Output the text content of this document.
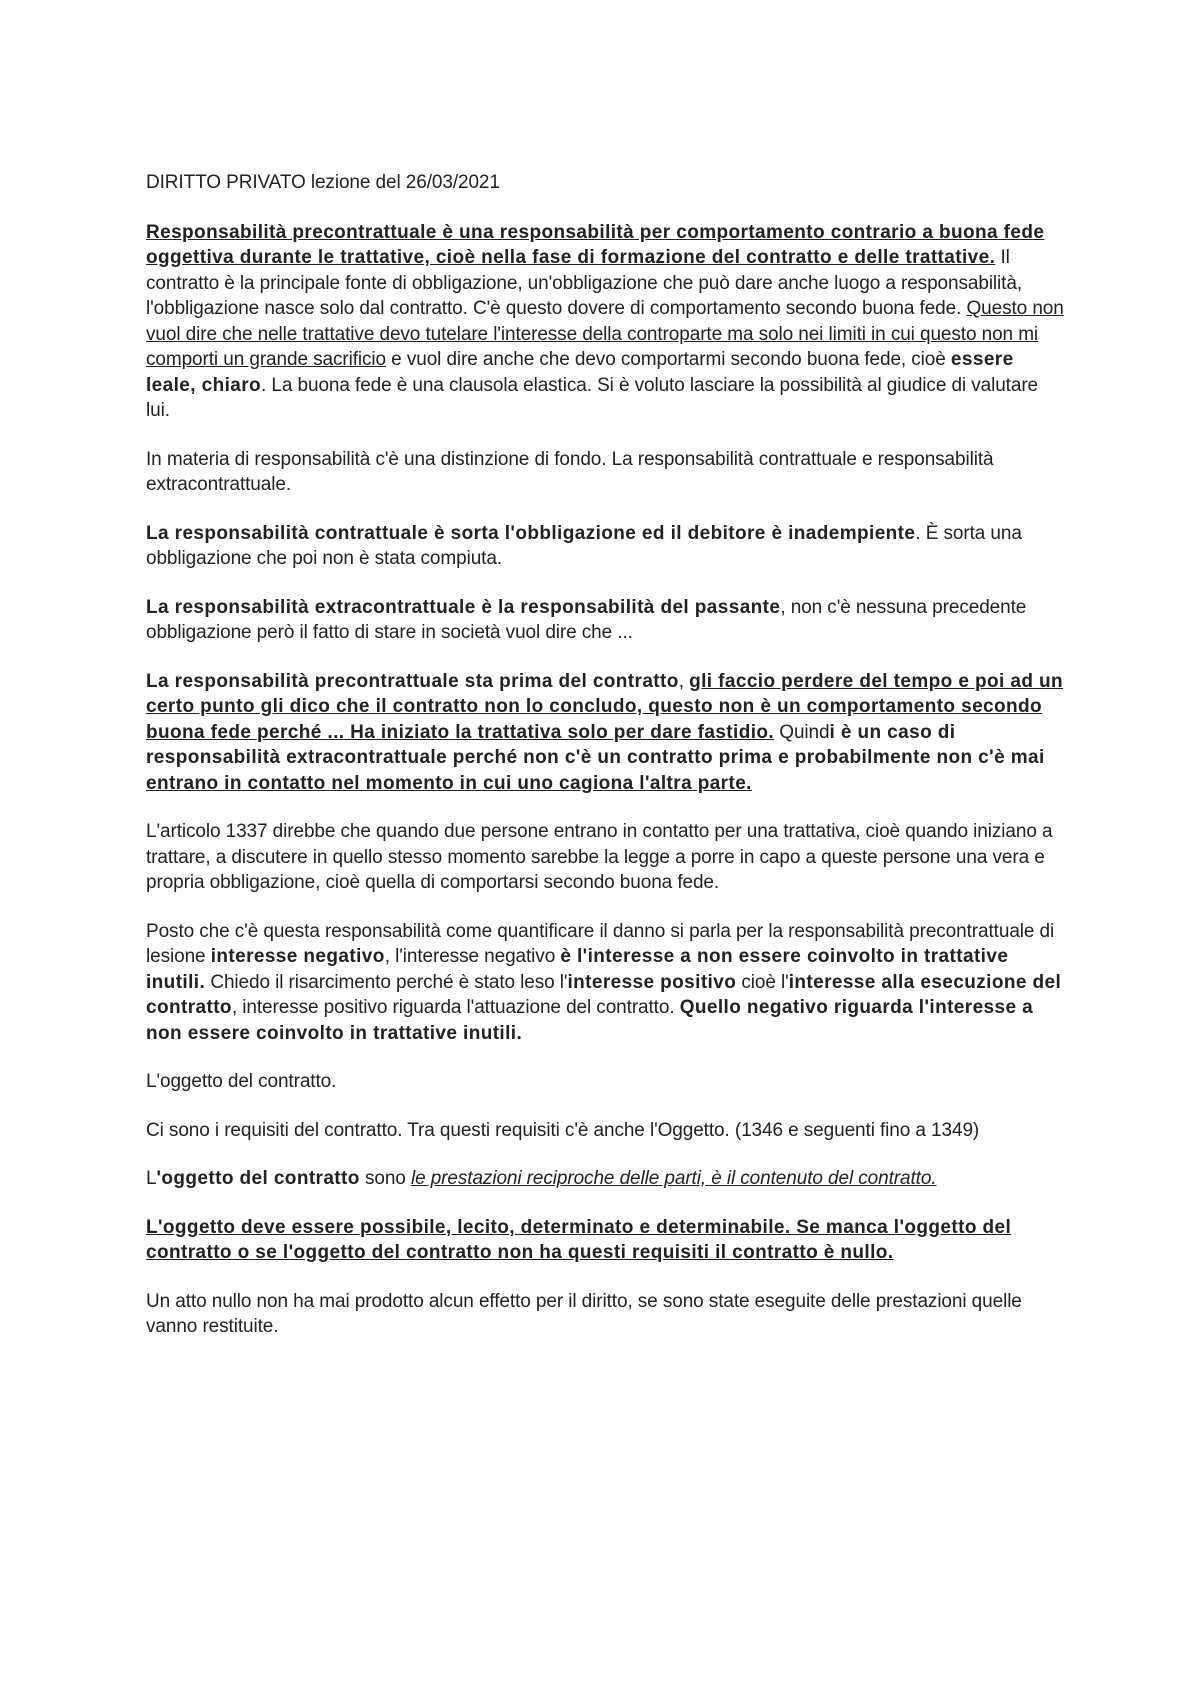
DIRITTO PRIVATO lezione del 26/03/2021

Responsabilità precontrattuale è una responsabilità per comportamento contrario a buona fede oggettiva durante le trattative, cioè nella fase di formazione del contratto e delle trattative. Il contratto è la principale fonte di obbligazione, un'obbligazione che può dare anche luogo a responsabilità, l'obbligazione nasce solo dal contratto. C'è questo dovere di comportamento secondo buona fede. Questo non vuol dire che nelle trattative devo tutelare l'interesse della controparte ma solo nei limiti in cui questo non mi comporti un grande sacrificio e vuol dire anche che devo comportarmi secondo buona fede, cioè essere leale, chiaro. La buona fede è una clausola elastica. Si è voluto lasciare la possibilità al giudice di valutare lui.

In materia di responsabilità c'è una distinzione di fondo. La responsabilità contrattuale e responsabilità extracontrattuale.

La responsabilità contrattuale è sorta l'obbligazione ed il debitore è inadempiente. È sorta una obbligazione che poi non è stata compiuta.

La responsabilità extracontrattuale è la responsabilità del passante, non c'è nessuna precedente obbligazione però il fatto di stare in società vuol dire che ...

La responsabilità precontrattuale sta prima del contratto, gli faccio perdere del tempo e poi ad un certo punto gli dico che il contratto non lo concludo, questo non è un comportamento secondo buona fede perché ... Ha iniziato la trattativa solo per dare fastidio. Quindi è un caso di responsabilità extracontrattuale perché non c'è un contratto prima e probabilmente non c'è mai entrano in contatto nel momento in cui uno cagiona l'altra parte.

L'articolo 1337 direbbe che quando due persone entrano in contatto per una trattativa, cioè quando iniziano a trattare, a discutere in quello stesso momento sarebbe la legge a porre in capo a queste persone una vera e propria obbligazione, cioè quella di comportarsi secondo buona fede.

Posto che c'è questa responsabilità come quantificare il danno si parla per la responsabilità precontrattuale di lesione interesse negativo, l'interesse negativo è l'interesse a non essere coinvolto in trattative inutili. Chiedo il risarcimento perché è stato leso l'interesse positivo cioè l'interesse alla esecuzione del contratto, interesse positivo riguarda l'attuazione del contratto. Quello negativo riguarda l'interesse a non essere coinvolto in trattative inutili.

L'oggetto del contratto.

Ci sono i requisiti del contratto. Tra questi requisiti c'è anche l'Oggetto. (1346 e seguenti fino a 1349)

L'oggetto del contratto sono le prestazioni reciproche delle parti, è il contenuto del contratto.

L'oggetto deve essere possibile, lecito, determinato e determinabile. Se manca l'oggetto del contratto o se l'oggetto del contratto non ha questi requisiti il contratto è nullo.

Un atto nullo non ha mai prodotto alcun effetto per il diritto, se sono state eseguite delle prestazioni quelle vanno restituite.
